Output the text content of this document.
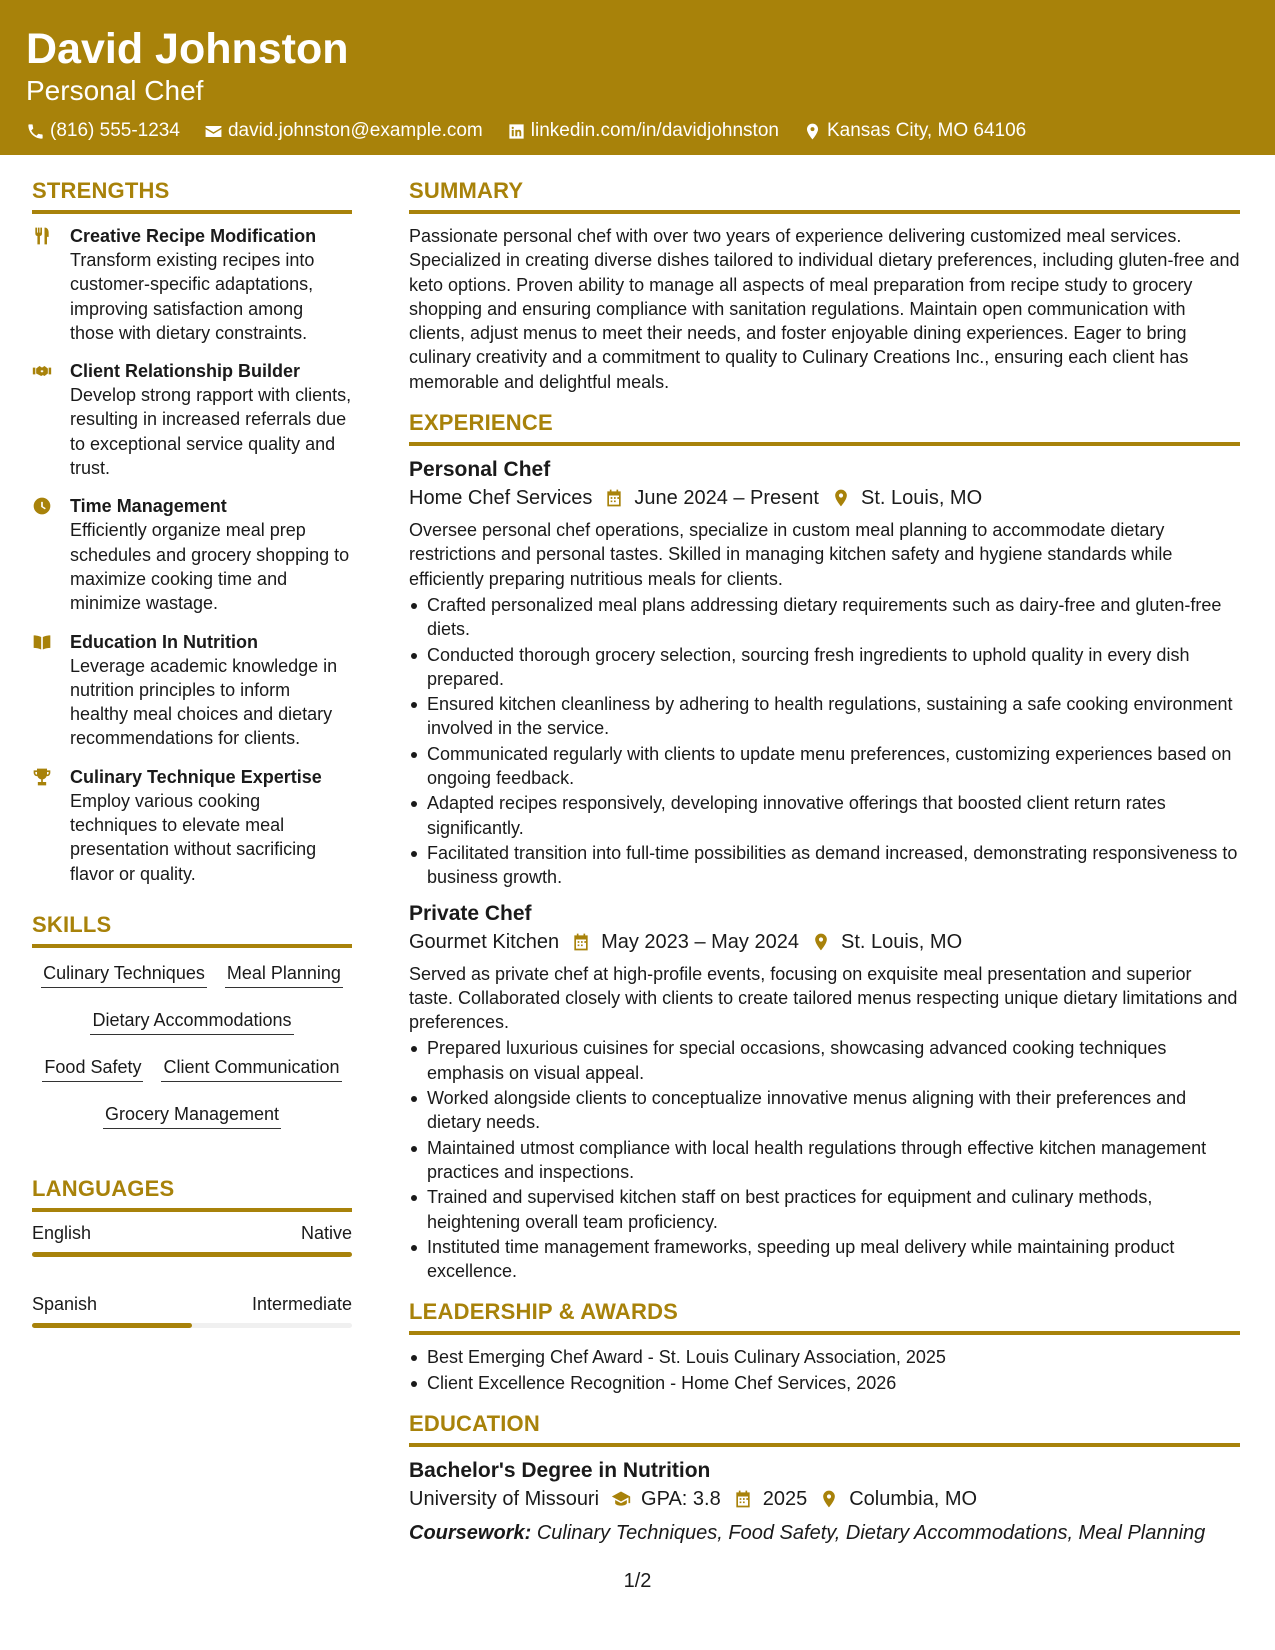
David Johnston
Personal Chef
(816) 555-1234	david.johnston@example.com	linkedin.com/in/davidjohnston	Kansas City, MO 64106
STRENGTHS
Creative Recipe Modification
Transform existing recipes into customer-specific adaptations, improving satisfaction among those with dietary constraints.
Client Relationship Builder
Develop strong rapport with clients, resulting in increased referrals due to exceptional service quality and trust.
Time Management
Efficiently organize meal prep schedules and grocery shopping to maximize cooking time and minimize wastage.
Education In Nutrition
Leverage academic knowledge in nutrition principles to inform healthy meal choices and dietary recommendations for clients.
Culinary Technique Expertise
Employ various cooking techniques to elevate meal presentation without sacrificing flavor or quality.
SKILLS
Culinary Techniques Meal Planning
Dietary Accommodations
Food Safety Client Communication
Grocery Management
LANGUAGES
English	Native
Spanish	Intermediate
SUMMARY
Passionate personal chef with over two years of experience delivering customized meal services. Specialized in creating diverse dishes tailored to individual dietary preferences, including gluten-free and keto options. Proven ability to manage all aspects of meal preparation from recipe study to grocery shopping and ensuring compliance with sanitation regulations. Maintain open communication with clients, adjust menus to meet their needs, and foster enjoyable dining experiences. Eager to bring culinary creativity and a commitment to quality to Culinary Creations Inc., ensuring each client has memorable and delightful meals.
EXPERIENCE
Personal Chef
Home Chef Services June 2024 – Present St. Louis, MO
Oversee personal chef operations, specialize in custom meal planning to accommodate dietary restrictions and personal tastes. Skilled in managing kitchen safety and hygiene standards while efficiently preparing nutritious meals for clients.
Crafted personalized meal plans addressing dietary requirements such as dairy-free and gluten-free diets.
Conducted thorough grocery selection, sourcing fresh ingredients to uphold quality in every dish prepared.
Ensured kitchen cleanliness by adhering to health regulations, sustaining a safe cooking environment involved in the service.
Communicated regularly with clients to update menu preferences, customizing experiences based on ongoing feedback.
Adapted recipes responsively, developing innovative offerings that boosted client return rates significantly.
Facilitated transition into full-time possibilities as demand increased, demonstrating responsiveness to business growth.
Private Chef
Gourmet Kitchen May 2023 – May 2024 St. Louis, MO
Served as private chef at high-profile events, focusing on exquisite meal presentation and superior taste. Collaborated closely with clients to create tailored menus respecting unique dietary limitations and preferences.
Prepared luxurious cuisines for special occasions, showcasing advanced cooking techniques emphasis on visual appeal.
Worked alongside clients to conceptualize innovative menus aligning with their preferences and dietary needs.
Maintained utmost compliance with local health regulations through effective kitchen management practices and inspections.
Trained and supervised kitchen staff on best practices for equipment and culinary methods, heightening overall team proficiency.
Instituted time management frameworks, speeding up meal delivery while maintaining product excellence.
LEADERSHIP & AWARDS
Best Emerging Chef Award - St. Louis Culinary Association, 2025
Client Excellence Recognition - Home Chef Services, 2026
EDUCATION
Bachelor's Degree in Nutrition
University of Missouri GPA: 3.8 2025 Columbia, MO
Coursework: Culinary Techniques, Food Safety, Dietary Accommodations, Meal Planning
1/2
